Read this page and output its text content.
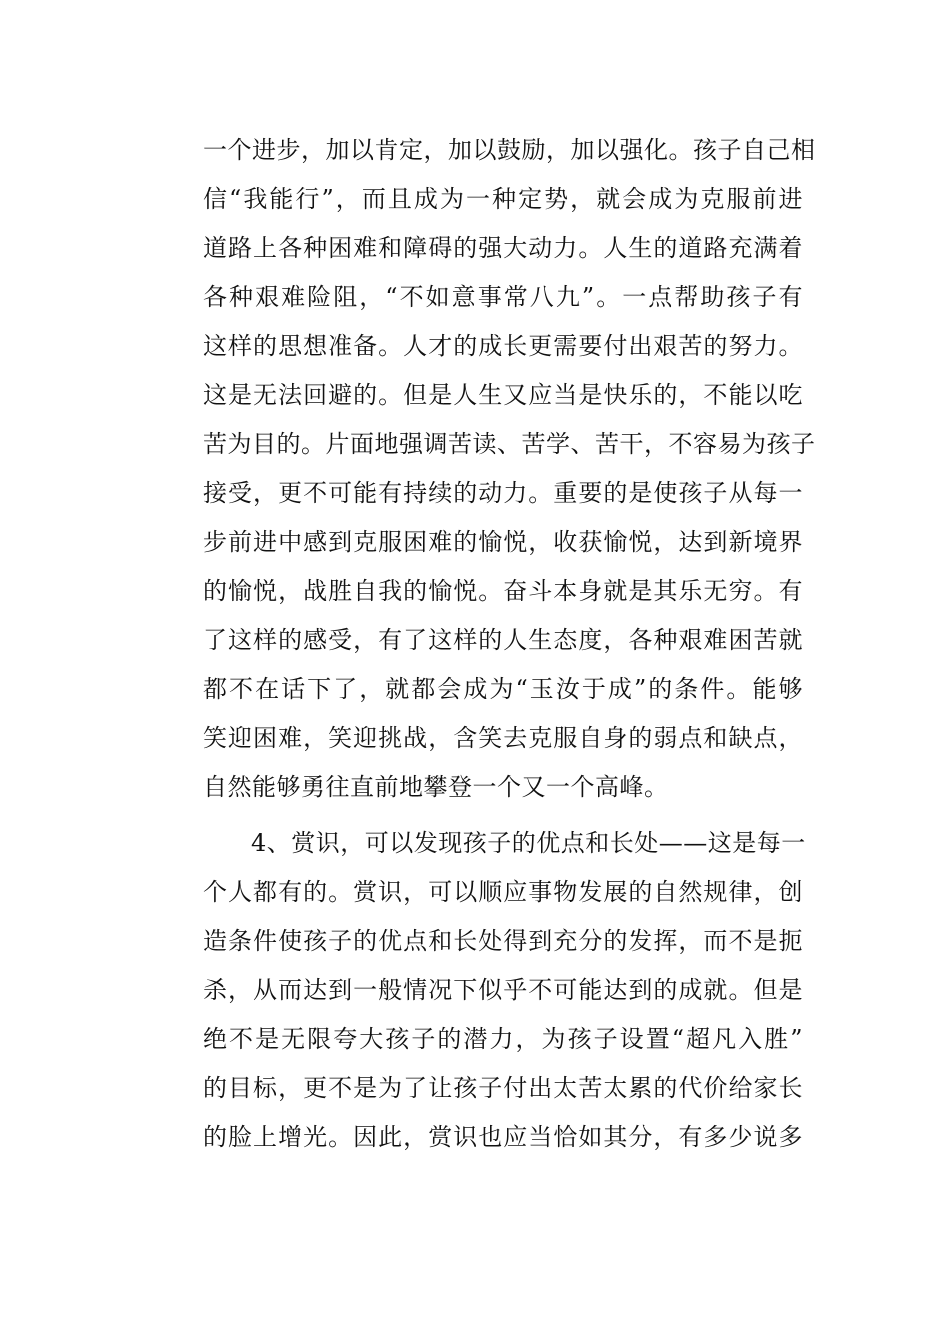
一个进步，加以肯定，加以鼓励，加以强化。孩子自己相
信“我能行”，而且成为一种定势，就会成为克服前进
道路上各种困难和障碍的强大动力。人生的道路充满着
各种艰难险阻，“不如意事常八九”。一点帮助孩子有
这样的思想准备。人才的成长更需要付出艰苦的努力。
这是无法回避的。但是人生又应当是快乐的，不能以吃
苦为目的。片面地强调苦读、苦学、苦干，不容易为孩子
接受，更不可能有持续的动力。重要的是使孩子从每一
步前进中感到克服困难的愉悦，收获愉悦，达到新境界
的愉悦，战胜自我的愉悦。奋斗本身就是其乐无穷。有
了这样的感受，有了这样的人生态度，各种艰难困苦就
都不在话下了，就都会成为“玉汝于成”的条件。能够
笑迎困难，笑迎挑战，含笑去克服自身的弱点和缺点，
自然能够勇往直前地攀登一个又一个高峰。
4、赏识，可以发现孩子的优点和长处——这是每一
个人都有的。赏识，可以顺应事物发展的自然规律，创
造条件使孩子的优点和长处得到充分的发挥，而不是扼
杀，从而达到一般情况下似乎不可能达到的成就。但是
绝不是无限夸大孩子的潜力，为孩子设置“超凡入胜”
的目标，更不是为了让孩子付出太苦太累的代价给家长
的脸上增光。因此，赏识也应当恰如其分，有多少说多
